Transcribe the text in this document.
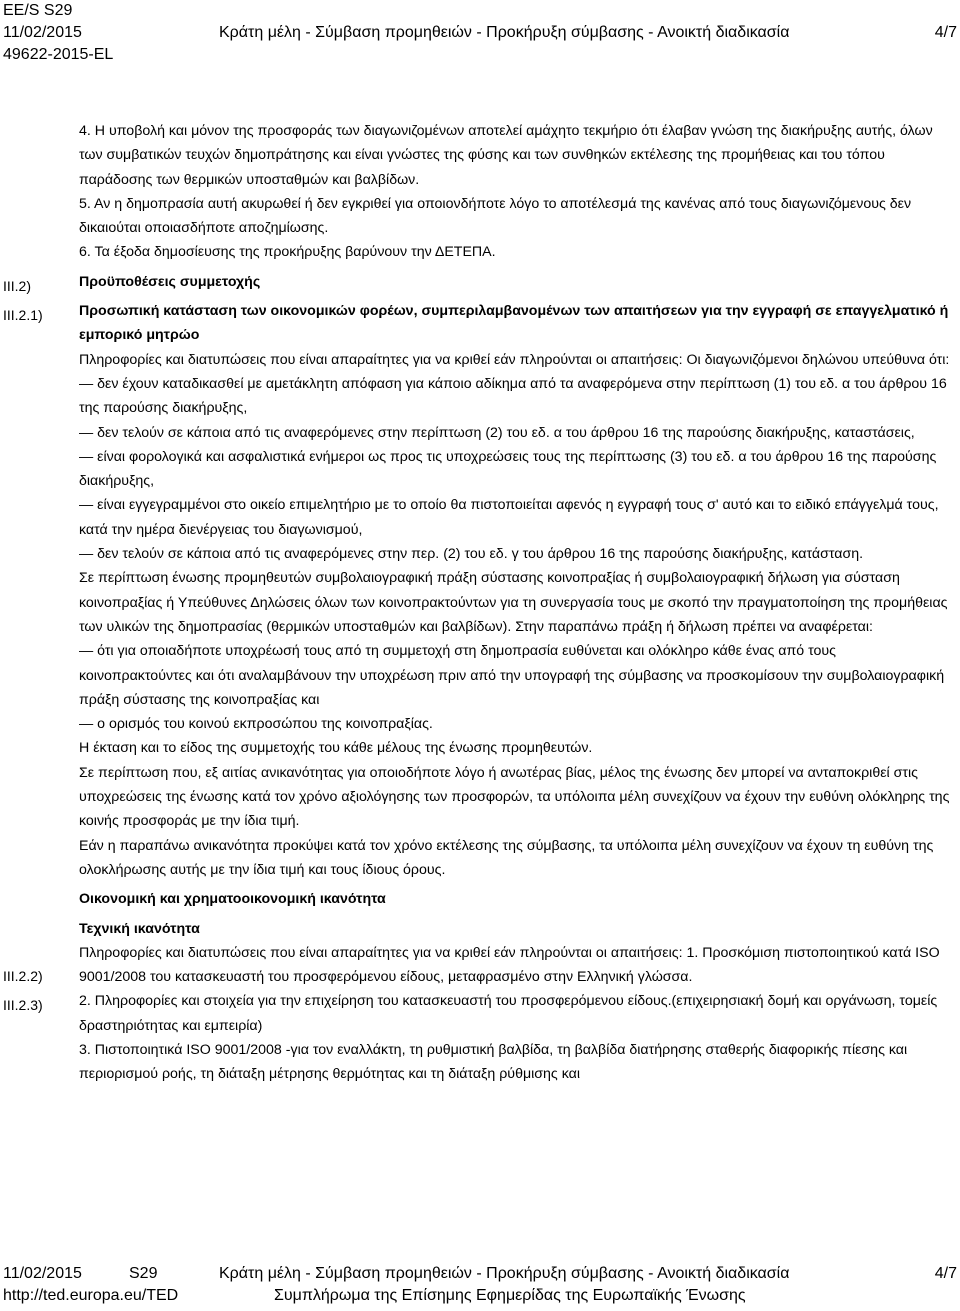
EE/S S29
11/02/2015	Κράτη μέλη - Σύμβαση προμηθειών - Προκήρυξη σύμβασης - Ανοικτή διαδικασία	4/7
49622-2015-EL
III.2)
III.2.1)
III.2.2)
III.2.3)

4. Η υποβολή και μόνον της προσφοράς των διαγωνιζομένων αποτελεί αμάχητο τεκμήριο ότι έλαβαν γνώση της διακήρυξης αυτής, όλων των συμβατικών τευχών δημοπράτησης και είναι γνώστες της φύσης και των συνθηκών εκτέλεσης της προμήθειας και του τόπου παράδοσης των θερμικών υποσταθμών και βαλβίδων.

5. Αν η δημοπρασία αυτή ακυρωθεί ή δεν εγκριθεί για οποιονδήποτε λόγο το αποτέλεσμά της κανένας από τους διαγωνιζόμενους δεν δικαιούται οποιασδήποτε αποζημίωσης.

6. Τα έξοδα δημοσίευσης της προκήρυξης βαρύνουν την ΔΕΤΕΠΑ.

Προϋποθέσεις συμμετοχής

Προσωπική κατάσταση των οικονομικών φορέων, συμπεριλαμβανομένων των απαιτήσεων για την εγγραφή σε επαγγελματικό ή εμπορικό μητρώο

Πληροφορίες και διατυπώσεις που είναι απαραίτητες για να κριθεί εάν πληρούνται οι απαιτήσεις: Οι διαγωνιζόμενοι δηλώνου υπεύθυνα ότι:

— δεν έχουν καταδικασθεί με αμετάκλητη απόφαση για κάποιο αδίκημα από τα αναφερόμενα στην περίπτωση (1) του εδ. α του άρθρου 16 της παρούσης διακήρυξης,

— δεν τελούν σε κάποια από τις αναφερόμενες στην περίπτωση (2) του εδ. α του άρθρου 16 της παρούσης διακήρυξης, καταστάσεις,

— είναι φορολογικά και ασφαλιστικά ενήμεροι ως προς τις υποχρεώσεις τους της περίπτωσης (3) του εδ. α του άρθρου 16 της παρούσης διακήρυξης,

— είναι εγγεγραμμένοι στο οικείο επιμελητήριο με το οποίο θα πιστοποιείται αφενός η εγγραφή τους σ' αυτό και το ειδικό επάγγελμά τους, κατά την ημέρα διενέργειας του διαγωνισμού,

— δεν τελούν σε κάποια από τις αναφερόμενες στην περ. (2) του εδ. γ του άρθρου 16 της παρούσης διακήρυξης, κατάσταση.

Σε περίπτωση ένωσης προμηθευτών συμβολαιογραφική πράξη σύστασης κοινοπραξίας ή συμβολαιογραφική δήλωση για σύσταση κοινοπραξίας ή Υπεύθυνες Δηλώσεις όλων των κοινοπρακτούντων για τη συνεργασία τους με σκοπό την πραγματοποίηση της προμήθειας των υλικών της δημοπρασίας (θερμικών υποσταθμών και βαλβίδων). Στην παραπάνω πράξη ή δήλωση πρέπει να αναφέρεται:

— ότι για οποιαδήποτε υποχρέωσή τους από τη συμμετοχή στη δημοπρασία ευθύνεται και ολόκληρο κάθε ένας από τους κοινοπρακτούντες και ότι αναλαμβάνουν την υποχρέωση πριν από την υπογραφή της σύμβασης να προσκομίσουν την συμβολαιογραφική πράξη σύστασης της κοινοπραξίας και

— ο ορισμός του κοινού εκπροσώπου της κοινοπραξίας.

Η έκταση και το είδος της συμμετοχής του κάθε μέλους της ένωσης προμηθευτών.

Σε περίπτωση που, εξ αιτίας ανικανότητας για οποιοδήποτε λόγο ή ανωτέρας βίας, μέλος της ένωσης δεν μπορεί να ανταποκριθεί στις υποχρεώσεις της ένωσης κατά τον χρόνο αξιολόγησης των προσφορών, τα υπόλοιπα μέλη συνεχίζουν να έχουν την ευθύνη ολόκληρης της κοινής προσφοράς με την ίδια τιμή.

Εάν η παραπάνω ανικανότητα προκύψει κατά τον χρόνο εκτέλεσης της σύμβασης, τα υπόλοιπα μέλη συνεχίζουν να έχουν τη ευθύνη της ολοκλήρωσης αυτής με την ίδια τιμή και τους ίδιους όρους.

Οικονομική και χρηματοοικονομική ικανότητα

Τεχνική ικανότητα

Πληροφορίες και διατυπώσεις που είναι απαραίτητες για να κριθεί εάν πληρούνται οι απαιτήσεις: 1. Προσκόμιση πιστοποιητικού κατά ISO 9001/2008 του κατασκευαστή του προσφερόμενου είδους, μεταφρασμένο στην Ελληνική γλώσσα.

2. Πληροφορίες και στοιχεία για την επιχείρηση του κατασκευαστή του προσφερόμενου είδους.(επιχειρησιακή δομή και οργάνωση, τομείς δραστηριότητας και εμπειρία)

3. Πιστοποιητικά ISO 9001/2008 -για τον εναλλάκτη, τη ρυθμιστική βαλβίδα, τη βαλβίδα διατήρησης σταθερής διαφορικής πίεσης και περιορισμού ροής, τη διάταξη μέτρησης θερμότητας και τη διάταξη ρύθμισης και

11/02/2015	S29	Κράτη μέλη - Σύμβαση προμηθειών - Προκήρυξη σύμβασης - Ανοικτή διαδικασία	4/7
http://ted.europa.eu/TED	Συμπλήρωμα της Επίσημης Εφημερίδας της Ευρωπαϊκής Ένωσης
